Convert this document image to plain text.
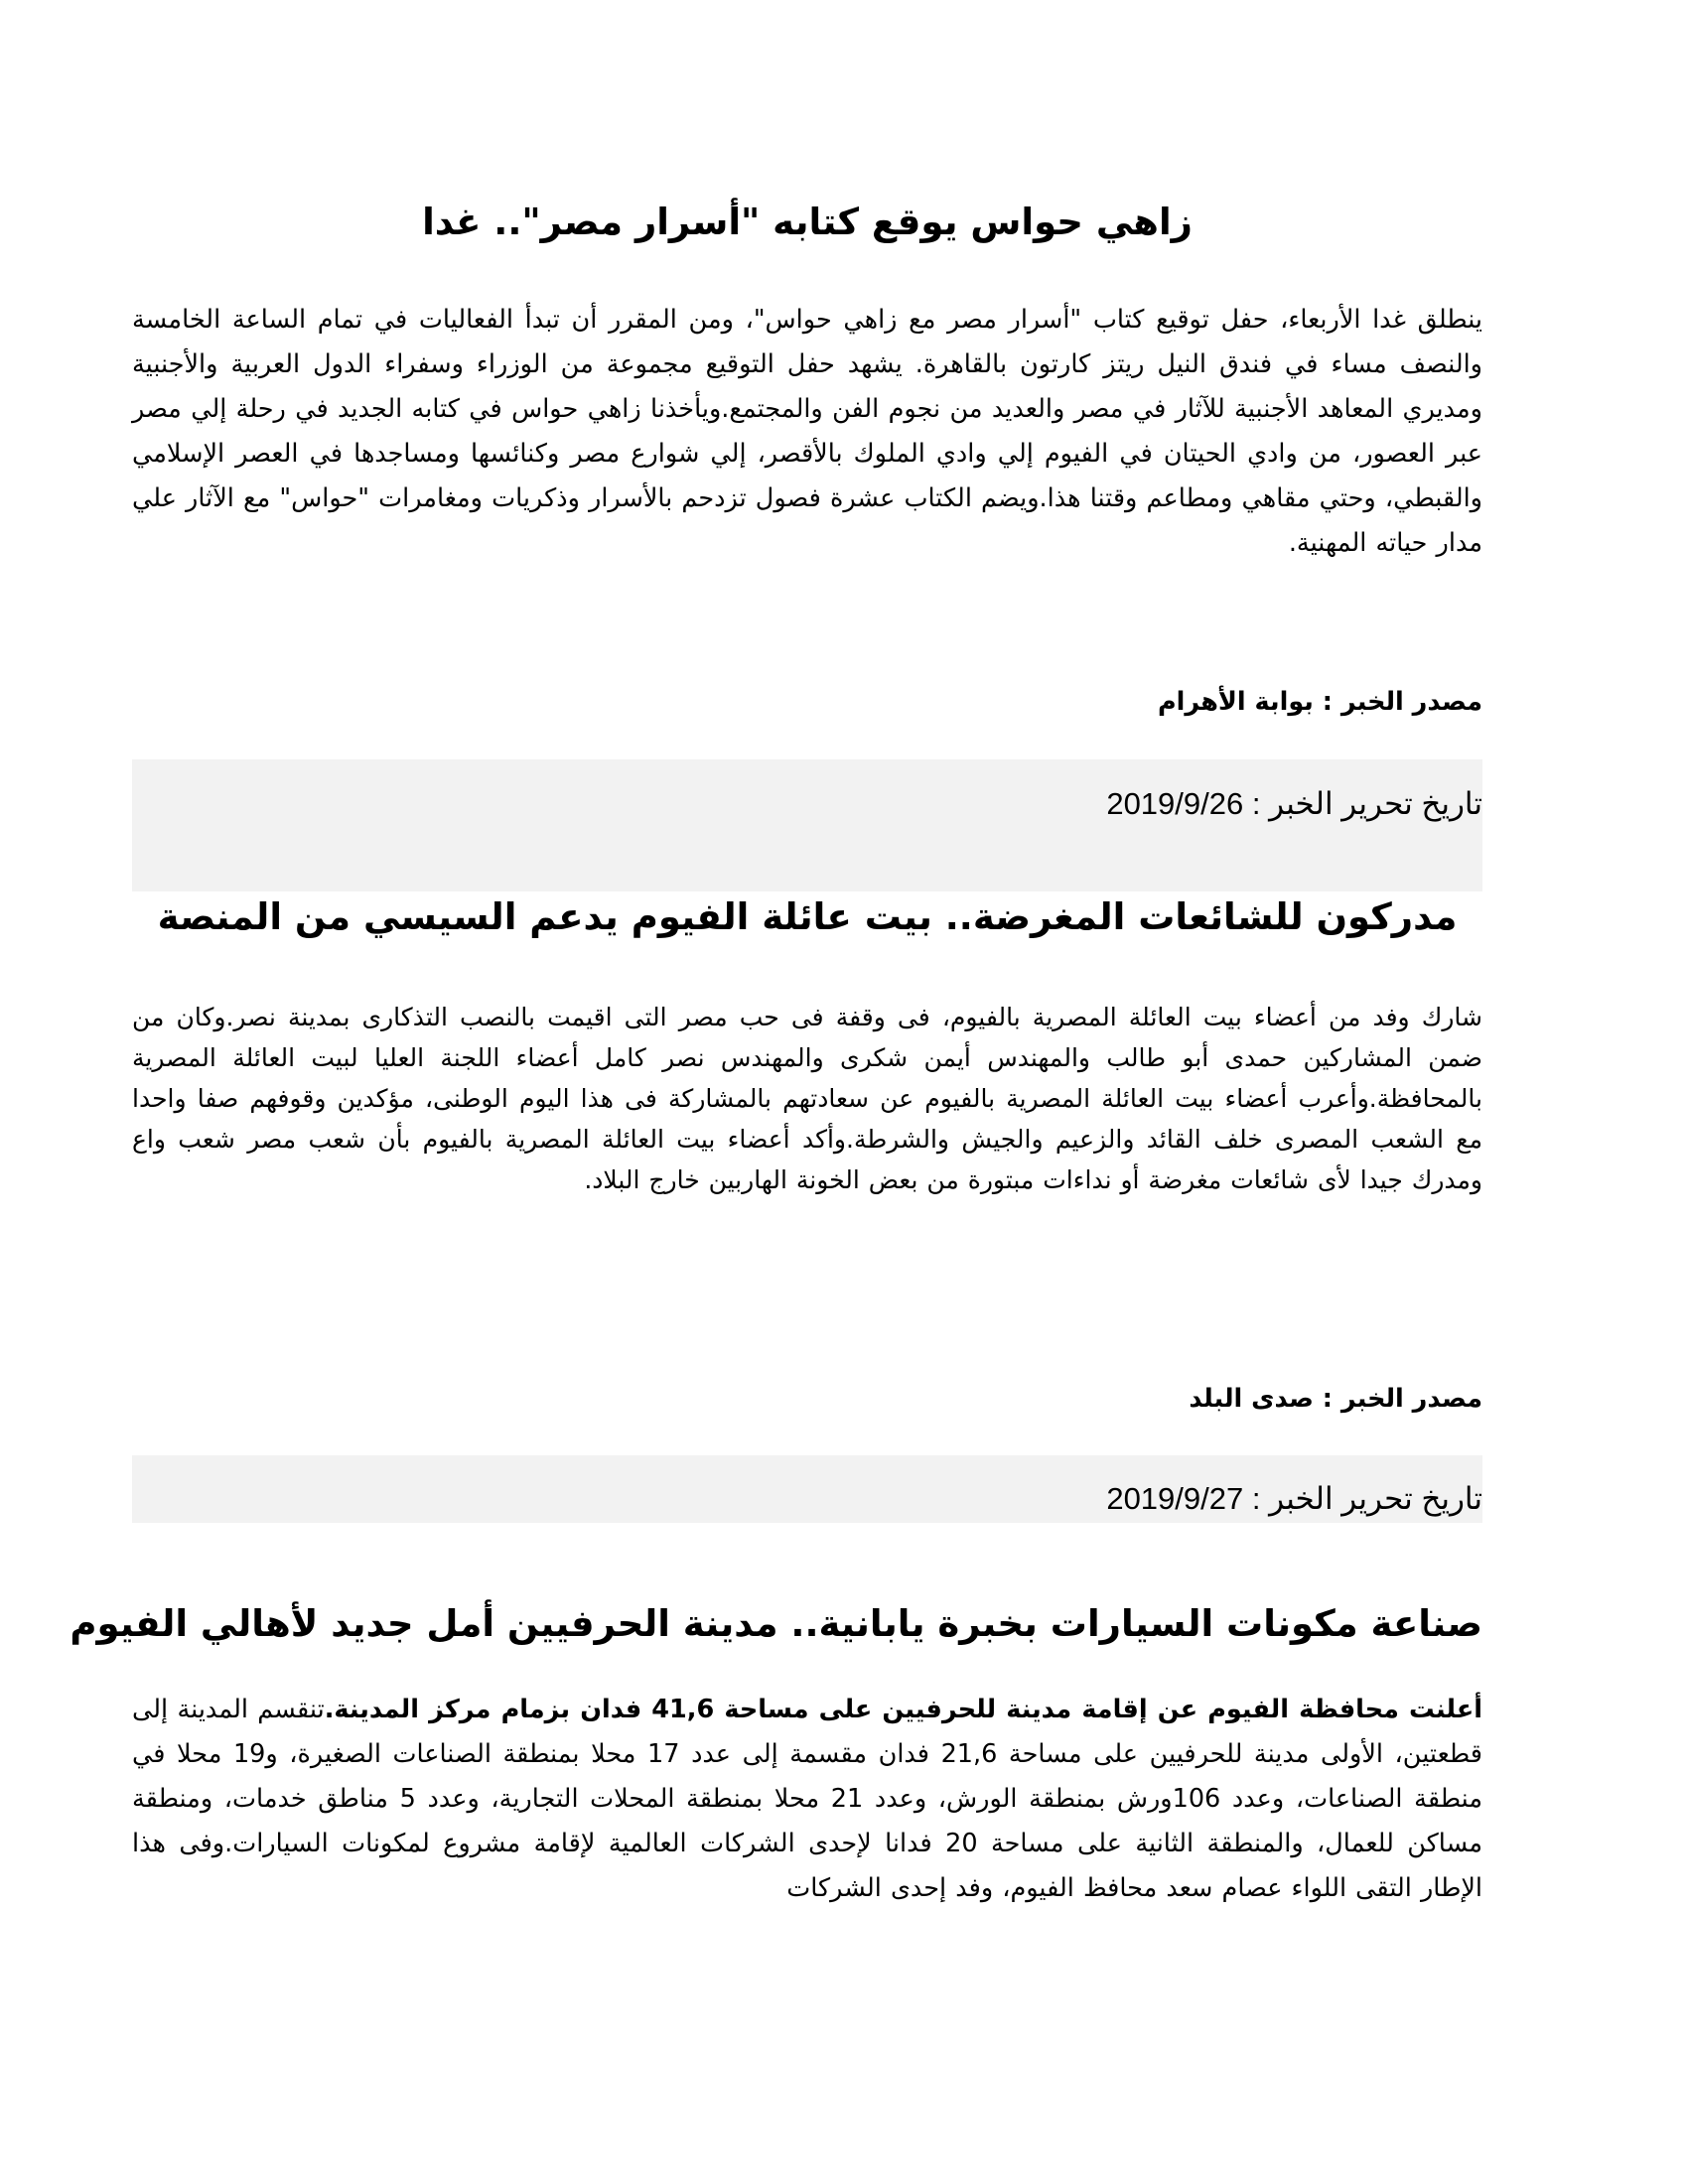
زاهي حواس يوقع كتابه "أسرار مصر".. غدا

ينطلق غدا الأربعاء، حفل توقيع كتاب "أسرار مصر مع زاهي حواس"، ومن المقرر أن تبدأ الفعاليات في تمام الساعة الخامسة والنصف مساء في فندق النيل ريتز كارتون بالقاهرة. يشهد حفل التوقيع مجموعة من الوزراء وسفراء الدول العربية والأجنبية ومديري المعاهد الأجنبية للآثار في مصر والعديد من نجوم الفن والمجتمع.ويأخذنا زاهي حواس في كتابه الجديد في رحلة إلي مصر عبر العصور، من وادي الحيتان في الفيوم إلي وادي الملوك بالأقصر، إلي شوارع مصر وكنائسها ومساجدها في العصر الإسلامي والقبطي، وحتي مقاهي ومطاعم وقتنا هذا.ويضم الكتاب عشرة فصول تزدحم بالأسرار وذكريات ومغامرات "حواس" مع الآثار علي مدار حياته المهنية.

مصدر الخبر : بوابة الأهرام

تاريخ تحرير الخبر : 2019/9/26

مدركون للشائعات المغرضة.. بيت عائلة الفيوم يدعم السيسي من المنصة

شارك وفد من أعضاء بيت العائلة المصرية بالفيوم، فى وقفة فى حب مصر التى اقيمت بالنصب التذكارى بمدينة نصر.وكان من ضمن المشاركين حمدى أبو طالب والمهندس أيمن شكرى والمهندس نصر كامل أعضاء اللجنة العليا لبيت العائلة المصرية بالمحافظة.وأعرب أعضاء بيت العائلة المصرية بالفيوم عن سعادتهم بالمشاركة فى هذا اليوم الوطنى، مؤكدين وقوفهم صفا واحدا مع الشعب المصرى خلف القائد والزعيم والجيش والشرطة.وأكد أعضاء بيت العائلة المصرية بالفيوم بأن شعب مصر شعب واع ومدرك جيدا لأى شائعات مغرضة أو نداءات مبتورة من بعض الخونة الهاربين خارج البلاد.

مصدر الخبر : صدى البلد

تاريخ تحرير الخبر : 2019/9/27

صناعة مكونات السيارات بخبرة يابانية.. مدينة الحرفيين أمل جديد لأهالي الفيوم

أعلنت محافظة الفيوم عن إقامة مدينة للحرفيين على مساحة 41,6 فدان بزمام مركز المدينة.تنقسم المدينة إلى قطعتين، الأولى مدينة للحرفيين على مساحة 21,6 فدان مقسمة إلى عدد 17 محلا بمنطقة الصناعات الصغيرة، و19 محلا في منطقة الصناعات، وعدد 106ورش بمنطقة الورش، وعدد 21 محلا بمنطقة المحلات التجارية، وعدد 5 مناطق خدمات، ومنطقة مساكن للعمال، والمنطقة الثانية على مساحة 20 فدانا لإحدى الشركات العالمية لإقامة مشروع لمكونات السيارات.وفى هذا الإطار التقى اللواء عصام سعد محافظ الفيوم، وفد إحدى الشركات
